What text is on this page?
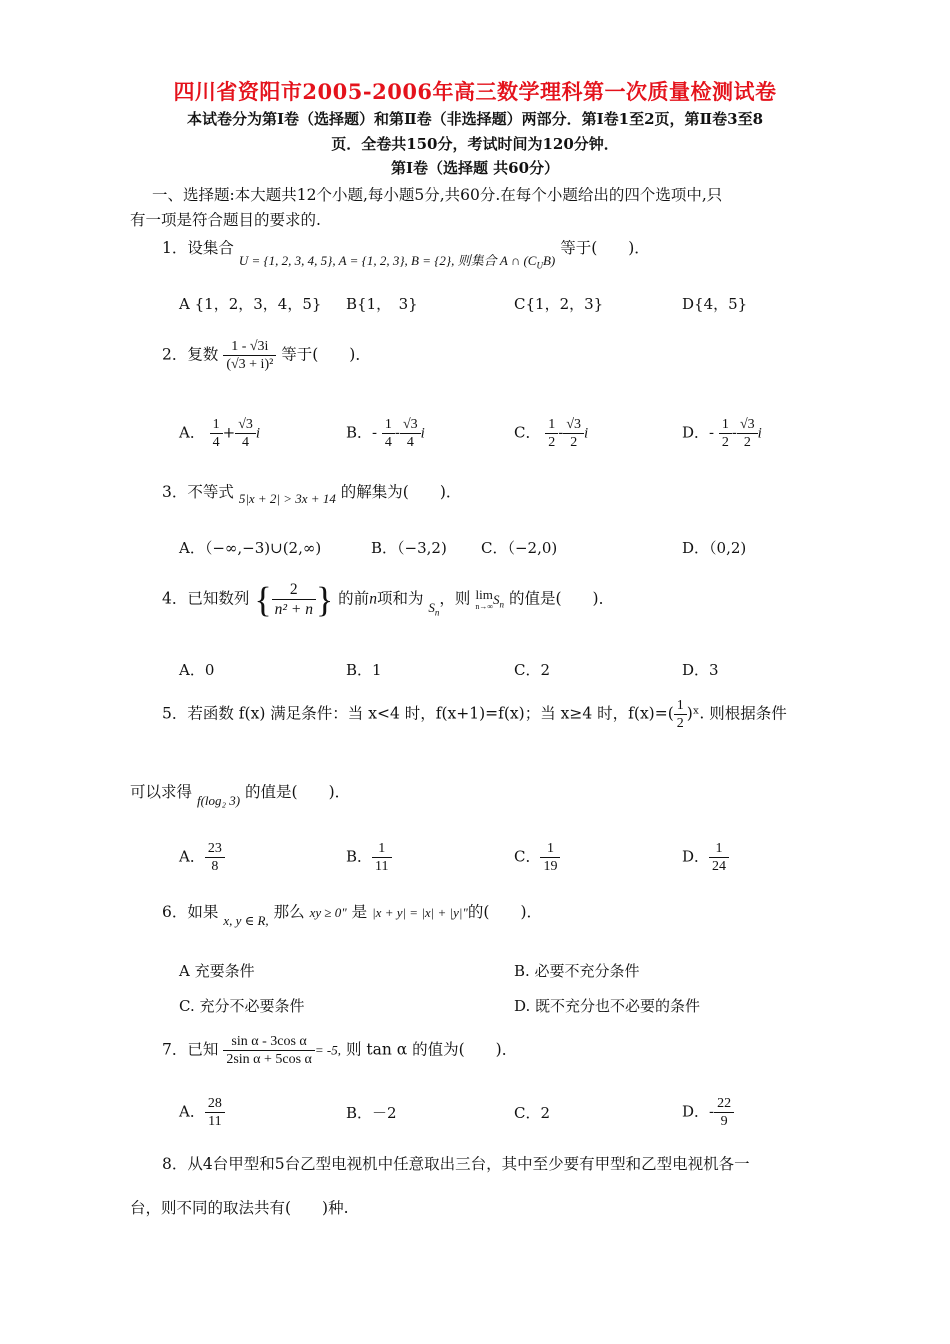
四川省资阳市2005-2006年高三数学理科第一次质量检测试卷
本试卷分为第Ⅰ卷（选择题）和第Ⅱ卷（非选择题）两部分．第Ⅰ卷1至2页，第Ⅱ卷3至8
页．全卷共150分，考试时间为120分钟．
第Ⅰ卷（选择题 共60分）
一、选择题:本大题共12个小题,每小题5分,共60分.在每个小题给出的四个选项中,只
有一项是符合题目的要求的.
1．设集合 $_{U = \{1, 2, 3, 4, 5\}, A = \{1, 2, 3\}, B = \{2\}, 则集合 A \cap (C_UB)}$ 等于(　　)．
A {1，2，3，4，5} B{1，　3}	C{1，2，3}	D{4，5}
2．复数 $\frac{1 - √3i}{\text{(√3 + i)²}}$ 等于(　　)．
A． $\frac{1}{4} + \frac{√3}{4}$ i	B．- $\frac{1}{4} - \frac{√3}{4}$ i	C． $\frac{1}{2} - \frac{√3}{2}$ i	D．- $\frac{1}{2} - \frac{√3}{2}$ i
3．不等式 $_{5|x + 2| > 3x + 14}$ 的解集为(　　)．
A．（−∞,−3)∪(2,∞)	B．（−3,2) C．（−2,0)	D．（0,2)
4．已知数列 { $\frac{2}{\text{n² + n}}$ } 的前n项和为 $_{S_n}$，则 lim
n→∞ $S_n$ 的值是(　　)．
A．0	B．1	C．2	D．3
5．若函数 f(x) 满足条件：当 x<4 时，f(x+1)=f(x)；当 x≥4 时，$f(x)=( \frac{1}{2}$ )ˣ. 则根据条件
可以求得 $_{f(log_2 3)}$ 的值是(　　)．
A． $\frac{23}{8}$	B． $\frac{1}{11}$	C． $\frac{1}{19}$	D． $\frac{1}{24}$
6．如果 $_{x, y \in R,}$ 那么 xy ≥ 0" 是 |x + y| = |x| + |y|"的(　　)．
A 充要条件	B. 必要不充分条件
C. 充分不必要条件	D. 既不充分也不必要的条件
7．已知 $\frac{\text{sin α - 3cos α}}{\text{2sin α + 5cos α}} = -5$, 则 tan α 的值为(　　)．
A． $\frac{28}{11}$	B．－2	C．2	D．- $\frac{22}{9}$
8．从4台甲型和5台乙型电视机中任意取出三台，其中至少要有甲型和乙型电视机各一
台，则不同的取法共有(　　)种.
